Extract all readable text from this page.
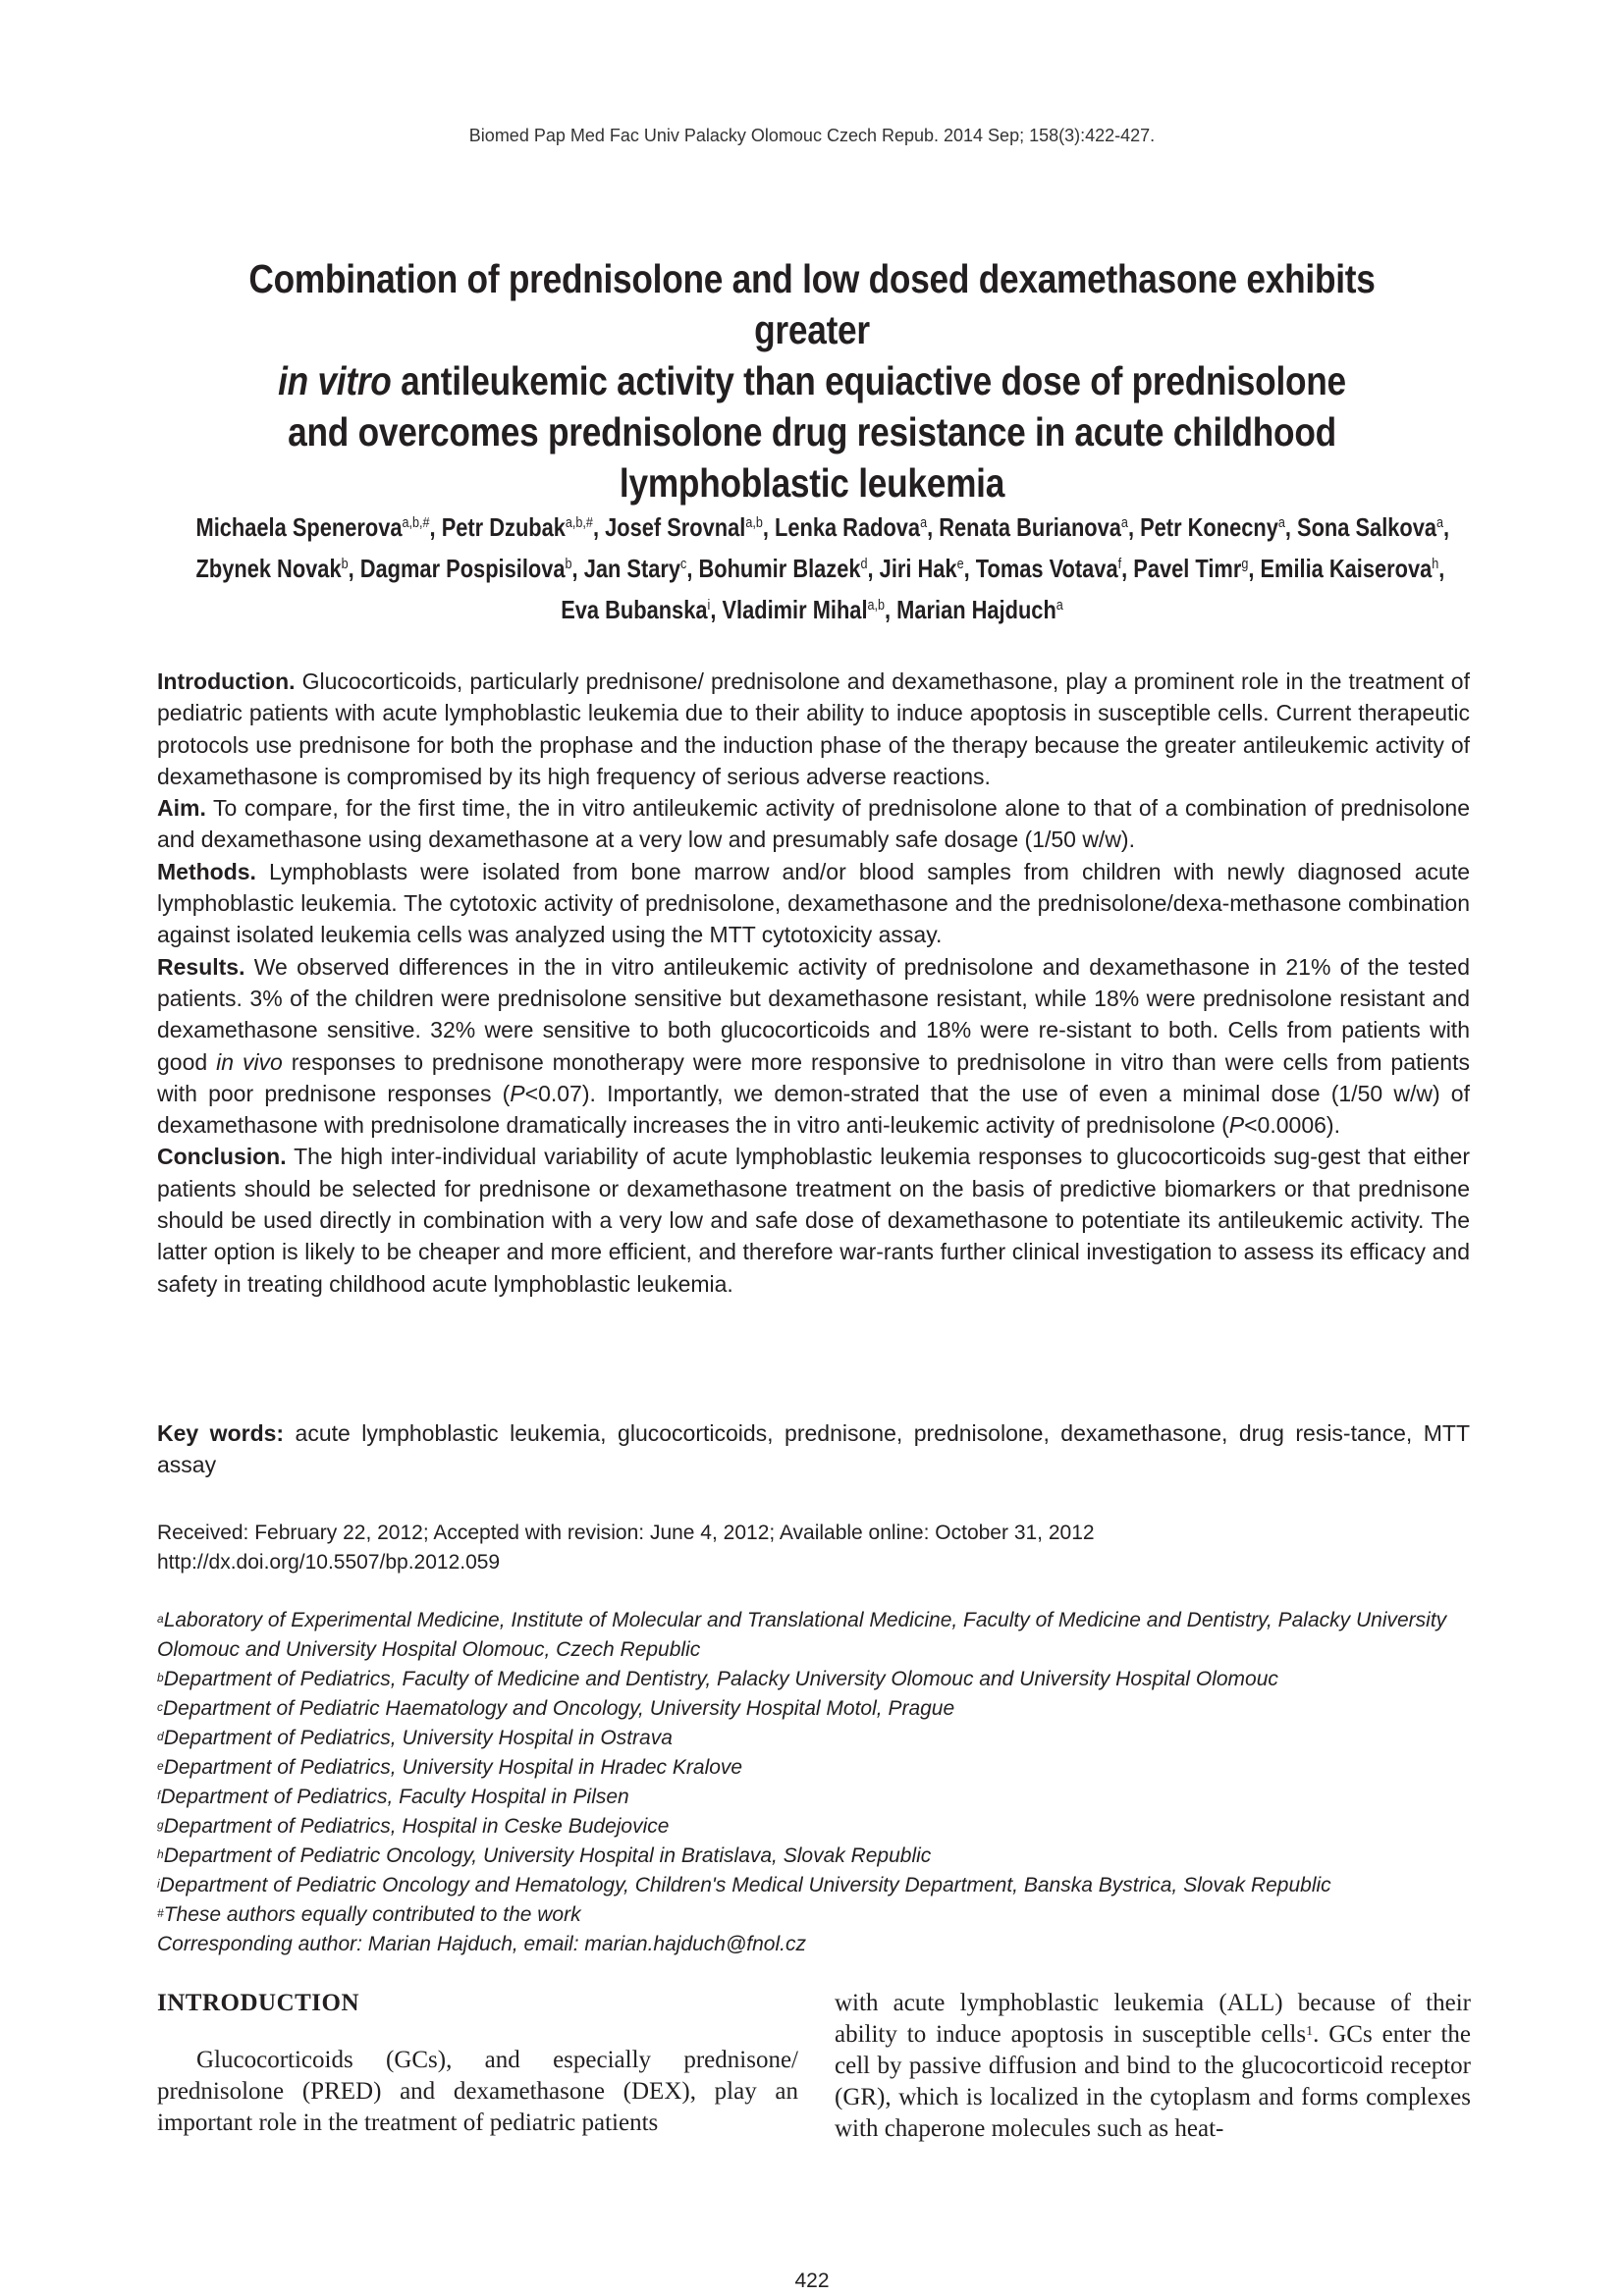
Biomed Pap Med Fac Univ Palacky Olomouc Czech Repub. 2014 Sep; 158(3):422-427.
Combination of prednisolone and low dosed dexamethasone exhibits greater
in vitro antileukemic activity than equiactive dose of prednisolone
and overcomes prednisolone drug resistance in acute childhood
lymphoblastic leukemia
Michaela Spenerova$^{a,b,\#}$, Petr Dzubak$^{a,b,\#}$, Josef Srovnal$^{a,b}$, Lenka Radova$^a$, Renata Burianova$^a$, Petr Konecny$^a$, Sona Salkova$^a$,
Zbynek Novak$^b$, Dagmar Pospisilova$^b$, Jan Stary$^c$, Bohumir Blazek$^d$, Jiri Hak$^e$, Tomas Votava$^f$, Pavel Timr$^g$, Emilia Kaiserova$^h$,
Eva Bubanska$^i$, Vladimir Mihal$^{a,b}$, Marian Hajduch$^a$

Introduction. Glucocorticoids, particularly prednisone/ prednisolone and dexamethasone, play a prominent role in the treatment of pediatric patients with acute lymphoblastic leukemia due to their ability to induce apoptosis in susceptible cells. Current therapeutic protocols use prednisone for both the prophase and the induction phase of the therapy because the greater antileukemic activity of dexamethasone is compromised by its high frequency of serious adverse reactions.

Aim. To compare, for the first time, the in vitro antileukemic activity of prednisolone alone to that of a combination of prednisolone and dexamethasone using dexamethasone at a very low and presumably safe dosage (1/50 w/w).

Methods. Lymphoblasts were isolated from bone marrow and/or blood samples from children with newly diagnosed acute lymphoblastic leukemia. The cytotoxic activity of prednisolone, dexamethasone and the prednisolone/dexa-methasone combination against isolated leukemia cells was analyzed using the MTT cytotoxicity assay.

Results. We observed differences in the in vitro antileukemic activity of prednisolone and dexamethasone in 21% of the tested patients. 3% of the children were prednisolone sensitive but dexamethasone resistant, while 18% were prednisolone resistant and dexamethasone sensitive. 32% were sensitive to both glucocorticoids and 18% were re-sistant to both. Cells from patients with good in vivo responses to prednisone monotherapy were more responsive to prednisolone in vitro than were cells from patients with poor prednisone responses (P<0.07). Importantly, we demon-strated that the use of even a minimal dose (1/50 w/w) of dexamethasone with prednisolone dramatically increases the in vitro anti-leukemic activity of prednisolone (P<0.0006).

Conclusion. The high inter-individual variability of acute lymphoblastic leukemia responses to glucocorticoids sug-gest that either patients should be selected for prednisone or dexamethasone treatment on the basis of predictive biomarkers or that prednisone should be used directly in combination with a very low and safe dose of dexamethasone to potentiate its antileukemic activity. The latter option is likely to be cheaper and more efficient, and therefore war-rants further clinical investigation to assess its efficacy and safety in treating childhood acute lymphoblastic leukemia.

Key words: acute lymphoblastic leukemia, glucocorticoids, prednisone, prednisolone, dexamethasone, drug resis-tance, MTT assay
Received: February 22, 2012; Accepted with revision: June 4, 2012; Available online: October 31, 2012
http://dx.doi.org/10.5507/bp.2012.059
$^a$Laboratory of Experimental Medicine, Institute of Molecular and Translational Medicine, Faculty of Medicine and Dentistry, Palacky University Olomouc and University Hospital Olomouc, Czech Republic
$^b$Department of Pediatrics, Faculty of Medicine and Dentistry, Palacky University Olomouc and University Hospital Olomouc
$^c$Department of Pediatric Haematology and Oncology, University Hospital Motol, Prague
$^d$Department of Pediatrics, University Hospital in Ostrava
$^e$Department of Pediatrics, University Hospital in Hradec Kralove
$^f$Department of Pediatrics, Faculty Hospital in Pilsen
$^g$Department of Pediatrics, Hospital in Ceske Budejovice
$^h$Department of Pediatric Oncology, University Hospital in Bratislava, Slovak Republic
$^i$Department of Pediatric Oncology and Hematology, Children's Medical University Department, Banska Bystrica, Slovak Republic
#These authors equally contributed to the work
Corresponding author: Marian Hajduch, email: marian.hajduch@fnol.cz
INTRODUCTION

Glucocorticoids (GCs), and especially prednisone/ prednisolone (PRED) and dexamethasone (DEX), play an important role in the treatment of pediatric patients

with acute lymphoblastic leukemia (ALL) because of their ability to induce apoptosis in susceptible cells$^1$. GCs enter the cell by passive diffusion and bind to the glucocorticoid receptor (GR), which is localized in the cytoplasm and forms complexes with chaperone molecules such as heat-

422
